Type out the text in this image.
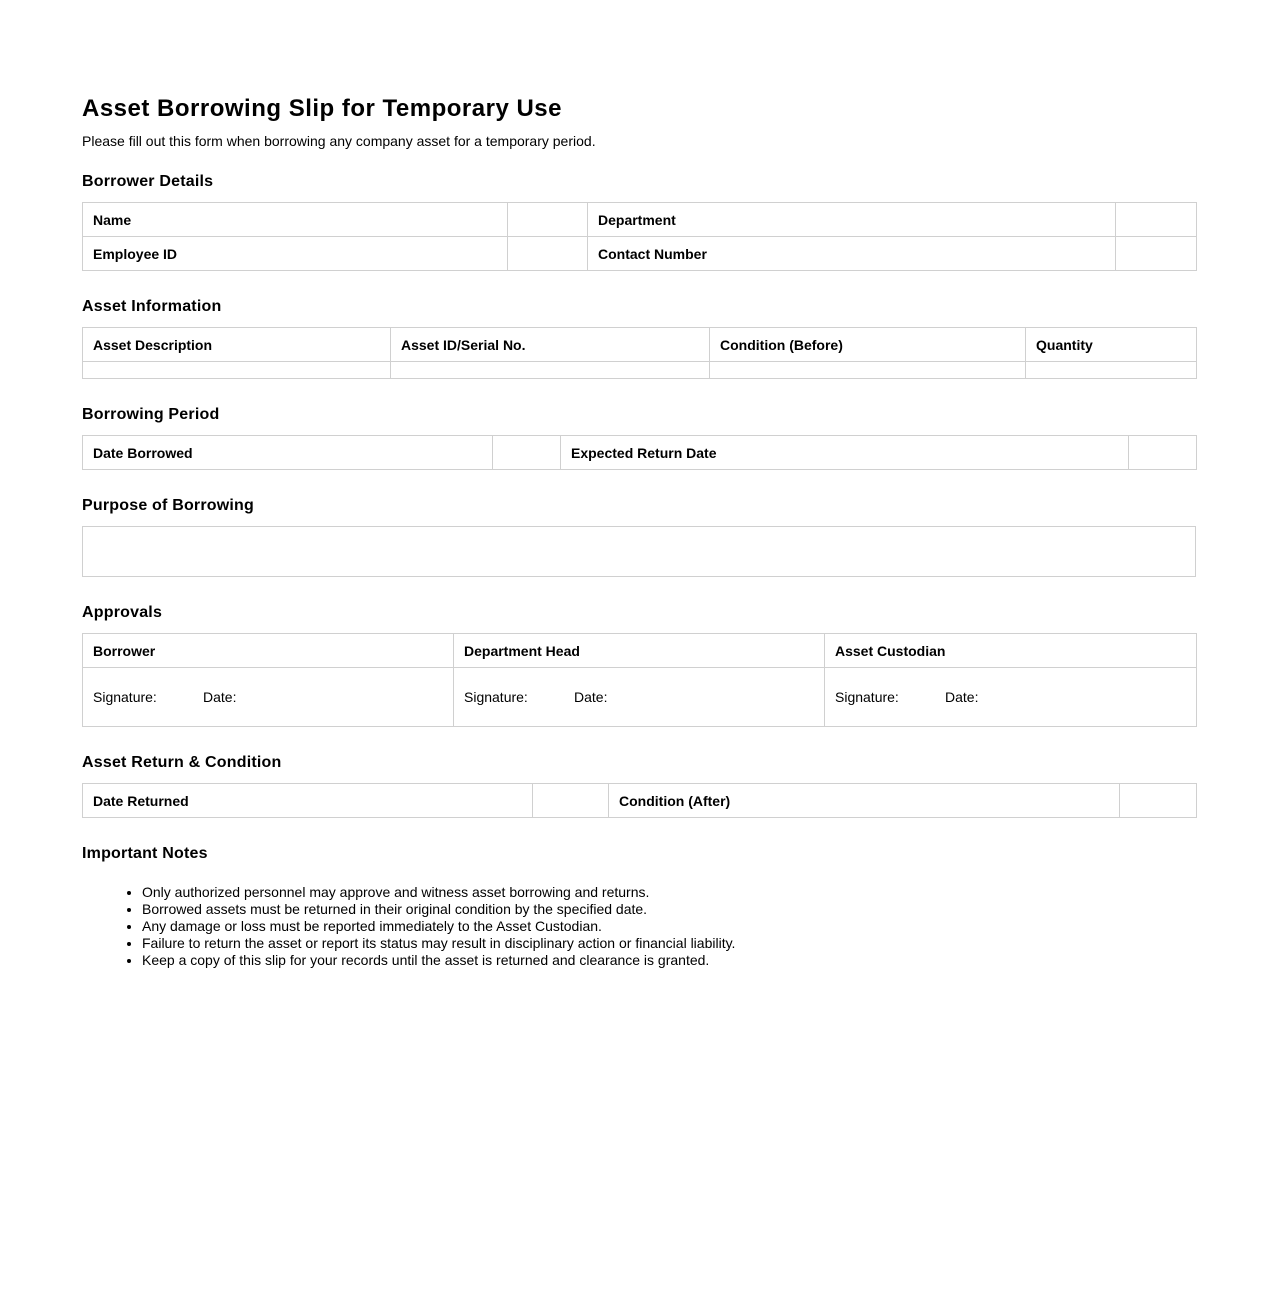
Asset Borrowing Slip for Temporary Use

Please fill out this form when borrowing any company asset for a temporary period.

Borrower Details
Name		Department	
Employee ID		Contact Number	
Asset Information
Asset Description	Asset ID/Serial No.	Condition (Before)	Quantity

Borrowing Period
Date Borrowed		Expected Return Date	
Purpose of Borrowing
Approvals
Borrower	Department Head	Asset Custodian
Signature: Date:	Signature: Date:	Signature: Date:
Asset Return & Condition
Date Returned		Condition (After)	
Important Notes
• Only authorized personnel may approve and witness asset borrowing and returns.
• Borrowed assets must be returned in their original condition by the specified date.
• Any damage or loss must be reported immediately to the Asset Custodian.
• Failure to return the asset or report its status may result in disciplinary action or financial liability.
• Keep a copy of this slip for your records until the asset is returned and clearance is granted.
